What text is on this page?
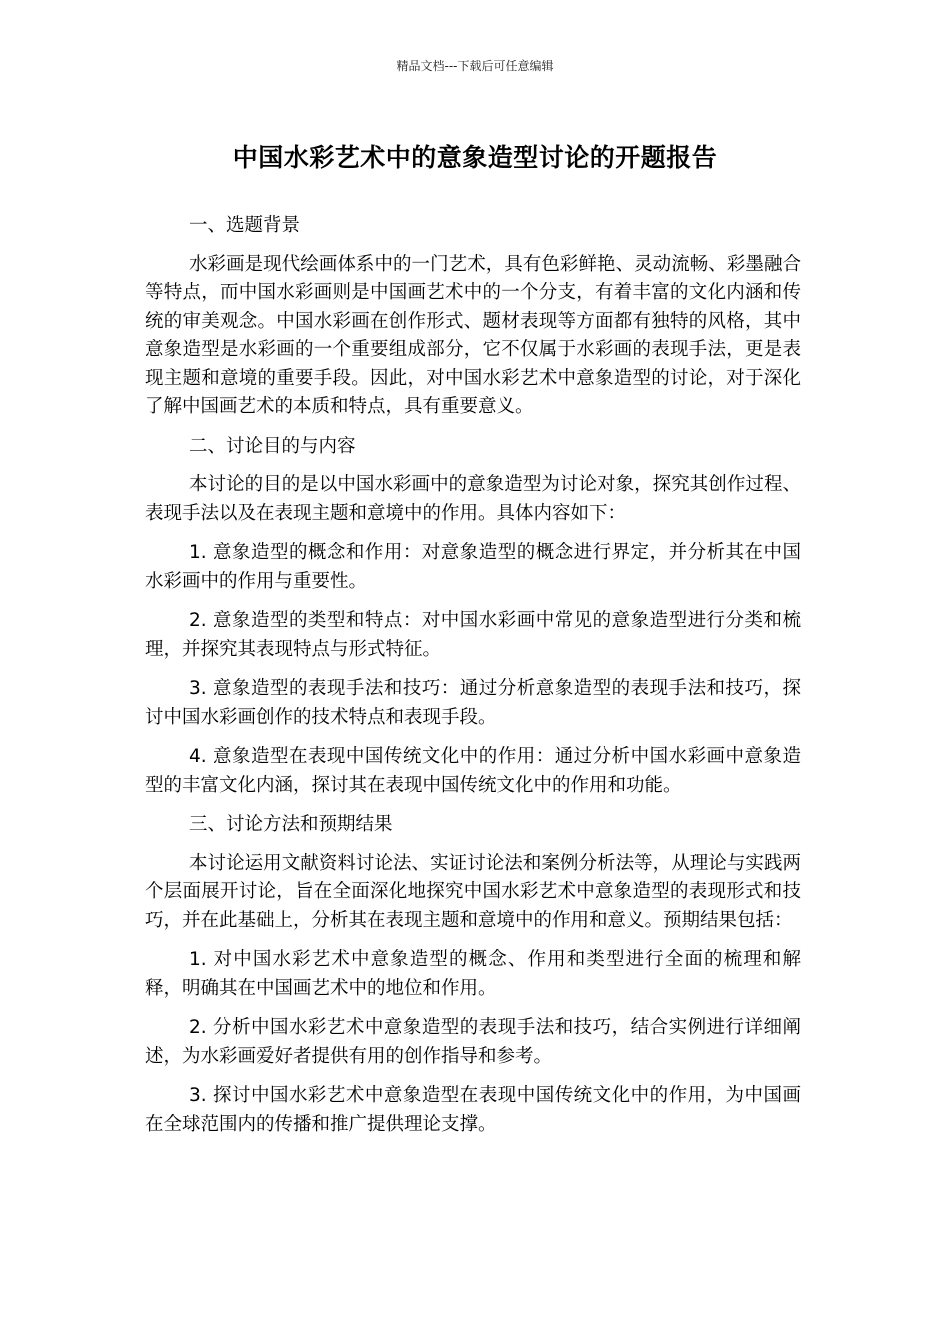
精品文档---下载后可任意编辑
中国水彩艺术中的意象造型讨论的开题报告

一、选题背景

水彩画是现代绘画体系中的一门艺术，具有色彩鲜艳、灵动流畅、彩墨融合等特点，而中国水彩画则是中国画艺术中的一个分支，有着丰富的文化内涵和传统的审美观念。中国水彩画在创作形式、题材表现等方面都有独特的风格，其中意象造型是水彩画的一个重要组成部分，它不仅属于水彩画的表现手法，更是表现主题和意境的重要手段。因此，对中国水彩艺术中意象造型的讨论，对于深化了解中国画艺术的本质和特点，具有重要意义。

二、讨论目的与内容

本讨论的目的是以中国水彩画中的意象造型为讨论对象，探究其创作过程、表现手法以及在表现主题和意境中的作用。具体内容如下：

1. 意象造型的概念和作用：对意象造型的概念进行界定，并分析其在中国水彩画中的作用与重要性。

2. 意象造型的类型和特点：对中国水彩画中常见的意象造型进行分类和梳理，并探究其表现特点与形式特征。

3. 意象造型的表现手法和技巧：通过分析意象造型的表现手法和技巧，探讨中国水彩画创作的技术特点和表现手段。

4. 意象造型在表现中国传统文化中的作用：通过分析中国水彩画中意象造型的丰富文化内涵，探讨其在表现中国传统文化中的作用和功能。

三、讨论方法和预期结果

本讨论运用文献资料讨论法、实证讨论法和案例分析法等，从理论与实践两个层面展开讨论，旨在全面深化地探究中国水彩艺术中意象造型的表现形式和技巧，并在此基础上，分析其在表现主题和意境中的作用和意义。预期结果包括：

1. 对中国水彩艺术中意象造型的概念、作用和类型进行全面的梳理和解释，明确其在中国画艺术中的地位和作用。

2. 分析中国水彩艺术中意象造型的表现手法和技巧，结合实例进行详细阐述，为水彩画爱好者提供有用的创作指导和参考。

3. 探讨中国水彩艺术中意象造型在表现中国传统文化中的作用，为中国画在全球范围内的传播和推广提供理论支撑。
